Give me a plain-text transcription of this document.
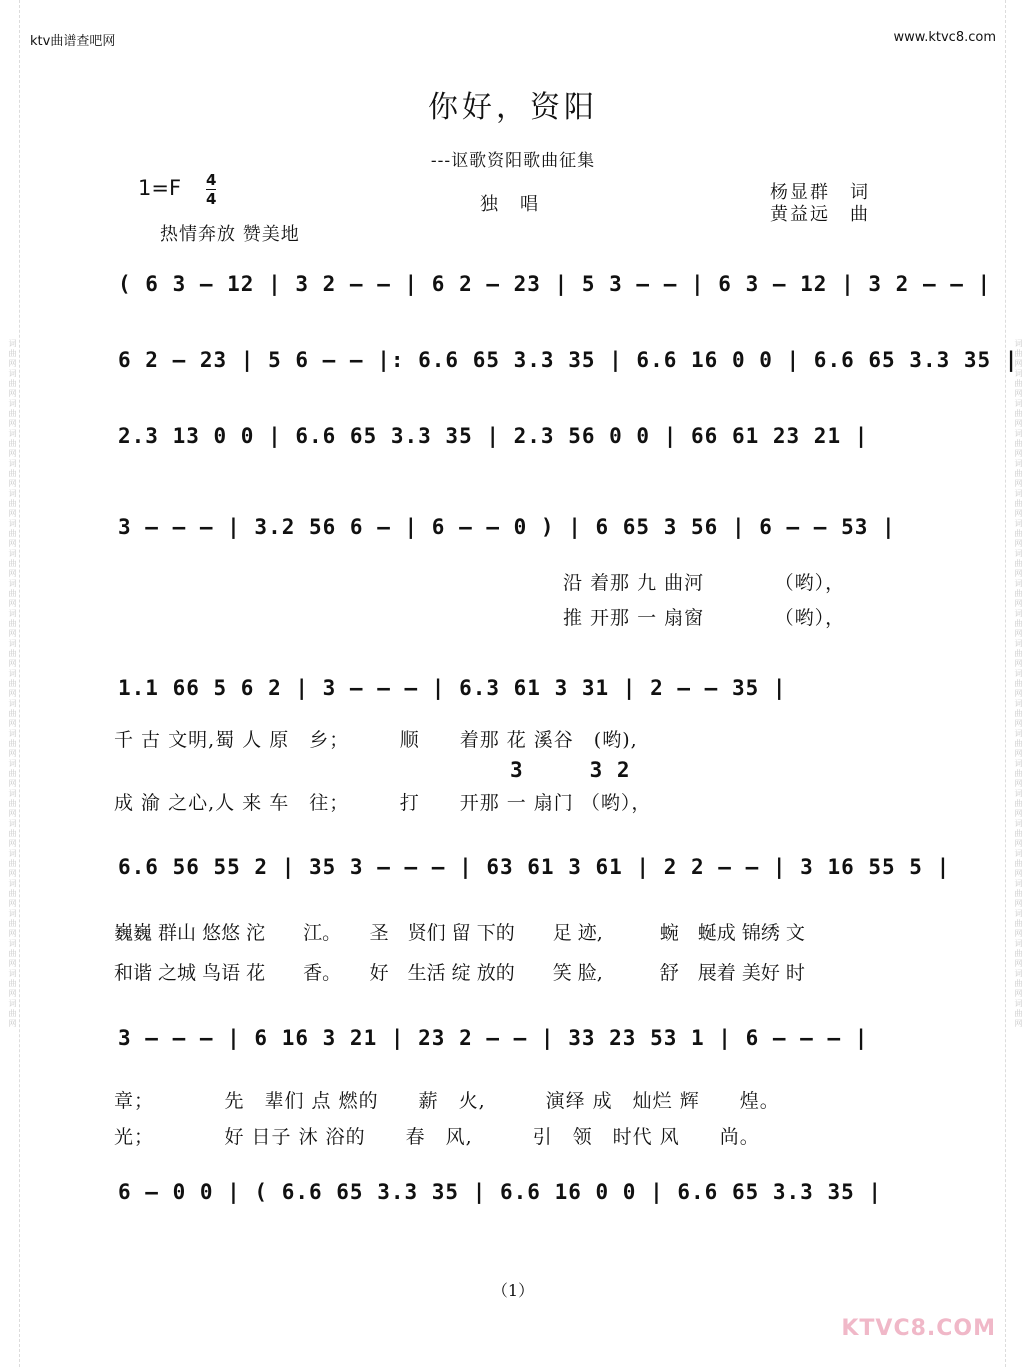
词曲网词曲网词曲网词曲网词曲网词曲网词曲网词曲网词曲网词曲网词曲网词曲网词曲网词曲网词曲网词曲网词曲网词曲网词曲网词曲网词曲网词曲网词曲网	词曲网词曲网词曲网词曲网词曲网词曲网词曲网词曲网词曲网词曲网词曲网词曲网词曲网词曲网词曲网词曲网词曲网词曲网词曲网词曲网词曲网词曲网词曲网
ktv曲谱查吧网	www.ktvc8.com
你好，资阳
---讴歌资阳歌曲征集
1=F 4
4	独　唱
杨显群　词
黄益远　曲
热情奔放 赞美地
( 6 3 – 12 | 3 2 – – | 6 2 – 23 | 5 3 – – | 6 3 – 12 | 3 2 – – |
6 2 – 23 | 5 6 – – |: 6.6 65 3.3 35 | 6.6 16 0 0 | 6.6 65 3.3 35 |
2.3 13 0 0 | 6.6 65 3.3 35 | 2.3 56 0 0 | 66 61 23 21 |
3 – – – | 3.2 56 6 – | 6 – – 0 ) | 6 65 3 56 | 6 – – 53 |
沿 着那 九 曲河　　　　（哟），
推 开那 一 扇窗　　　　（哟），
1.1 66 5 6 2 | 3 – – – | 6.3 61 3 31 | 2 – – 35 |
千 古 文明,蜀 人 原　乡；　　　顺　　着那 花 溪谷　(哟),
3　　　3 2
成 渝 之心,人 来 车　往；　　　打　　开那 一 扇门 （哟），
6.6 56 55 2 | 35 3 – – – | 63 61 3 61 | 2 2 – – | 3 16 55 5 |
巍巍 群山 悠悠 沱　　江。　　圣　贤们 留 下的　　足 迹,　　　蜿　蜒成 锦绣 文
和谐 之城 鸟语 花　　香。　　好　生活 绽 放的　　笑 脸,　　　舒　展着 美好 时
3 – – – | 6 16 3 21 | 23 2 – – | 33 23 53 1 | 6 – – – |
章；　　　　先　辈们 点 燃的　　薪　火,　　　演绎 成　灿烂 辉　　煌。
光；　　　　好 日子 沐 浴的　　春　风,　　　引　领　时代 风　　尚。
6 – 0 0 | ( 6.6 65 3.3 35 | 6.6 16 0 0 | 6.6 65 3.3 35 |
（1）
KTVC8.COM
